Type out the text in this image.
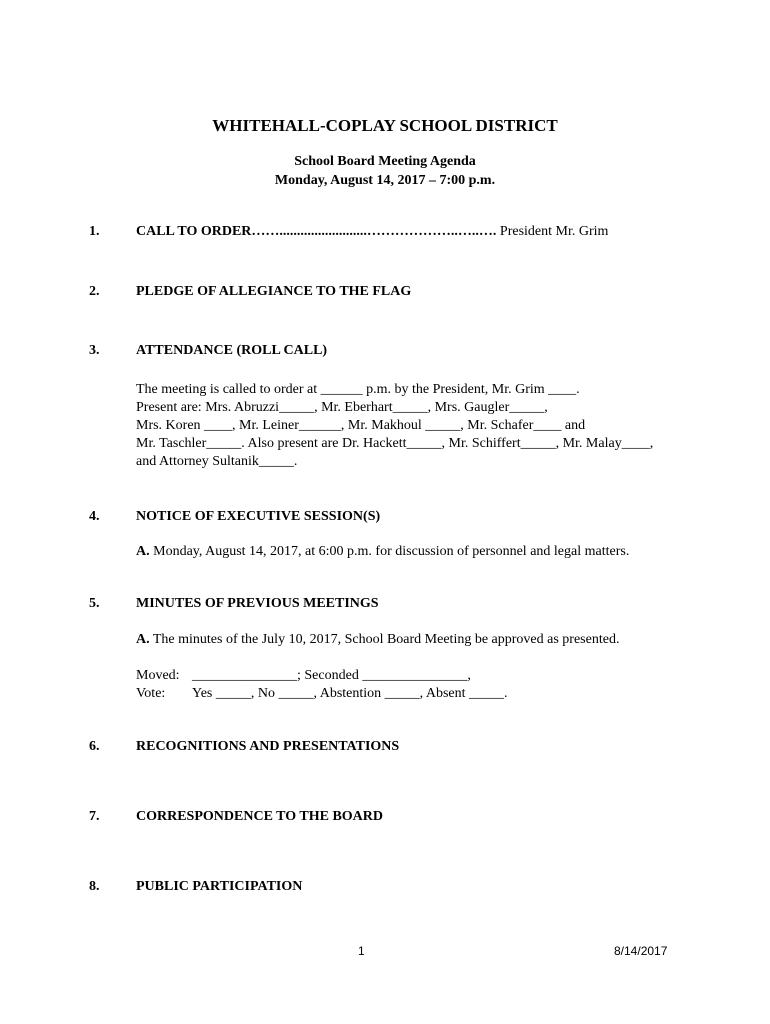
WHITEHALL-COPLAY SCHOOL DISTRICT

School Board Meeting Agenda

Monday, August 14, 2017 – 7:00 p.m.

1.	CALL TO ORDER…….........................………………..…..…. President Mr. Grim
2.	PLEDGE OF ALLEGIANCE TO THE FLAG
3.	ATTENDANCE (ROLL CALL)
The meeting is called to order at ______ p.m. by the President, Mr. Grim ____.
Present are: Mrs. Abruzzi_____, Mr. Eberhart_____, Mrs. Gaugler_____,
Mrs. Koren ____, Mr. Leiner______, Mr. Makhoul _____, Mr. Schafer____ and
Mr. Taschler_____. Also present are Dr. Hackett_____, Mr. Schiffert_____, Mr. Malay____,
and Attorney Sultanik_____.
4.	NOTICE OF EXECUTIVE SESSION(S)
A. Monday, August 14, 2017, at 6:00 p.m. for discussion of personnel and legal matters.
5.	MINUTES OF PREVIOUS MEETINGS
A. The minutes of the July 10, 2017, School Board Meeting be approved as presented.
Moved: _______________; Seconded _______________,
Vote: Yes _____, No _____, Abstention _____, Absent _____.
6.	RECOGNITIONS AND PRESENTATIONS
7.	CORRESPONDENCE TO THE BOARD
8.	PUBLIC PARTICIPATION
1	8/14/2017
